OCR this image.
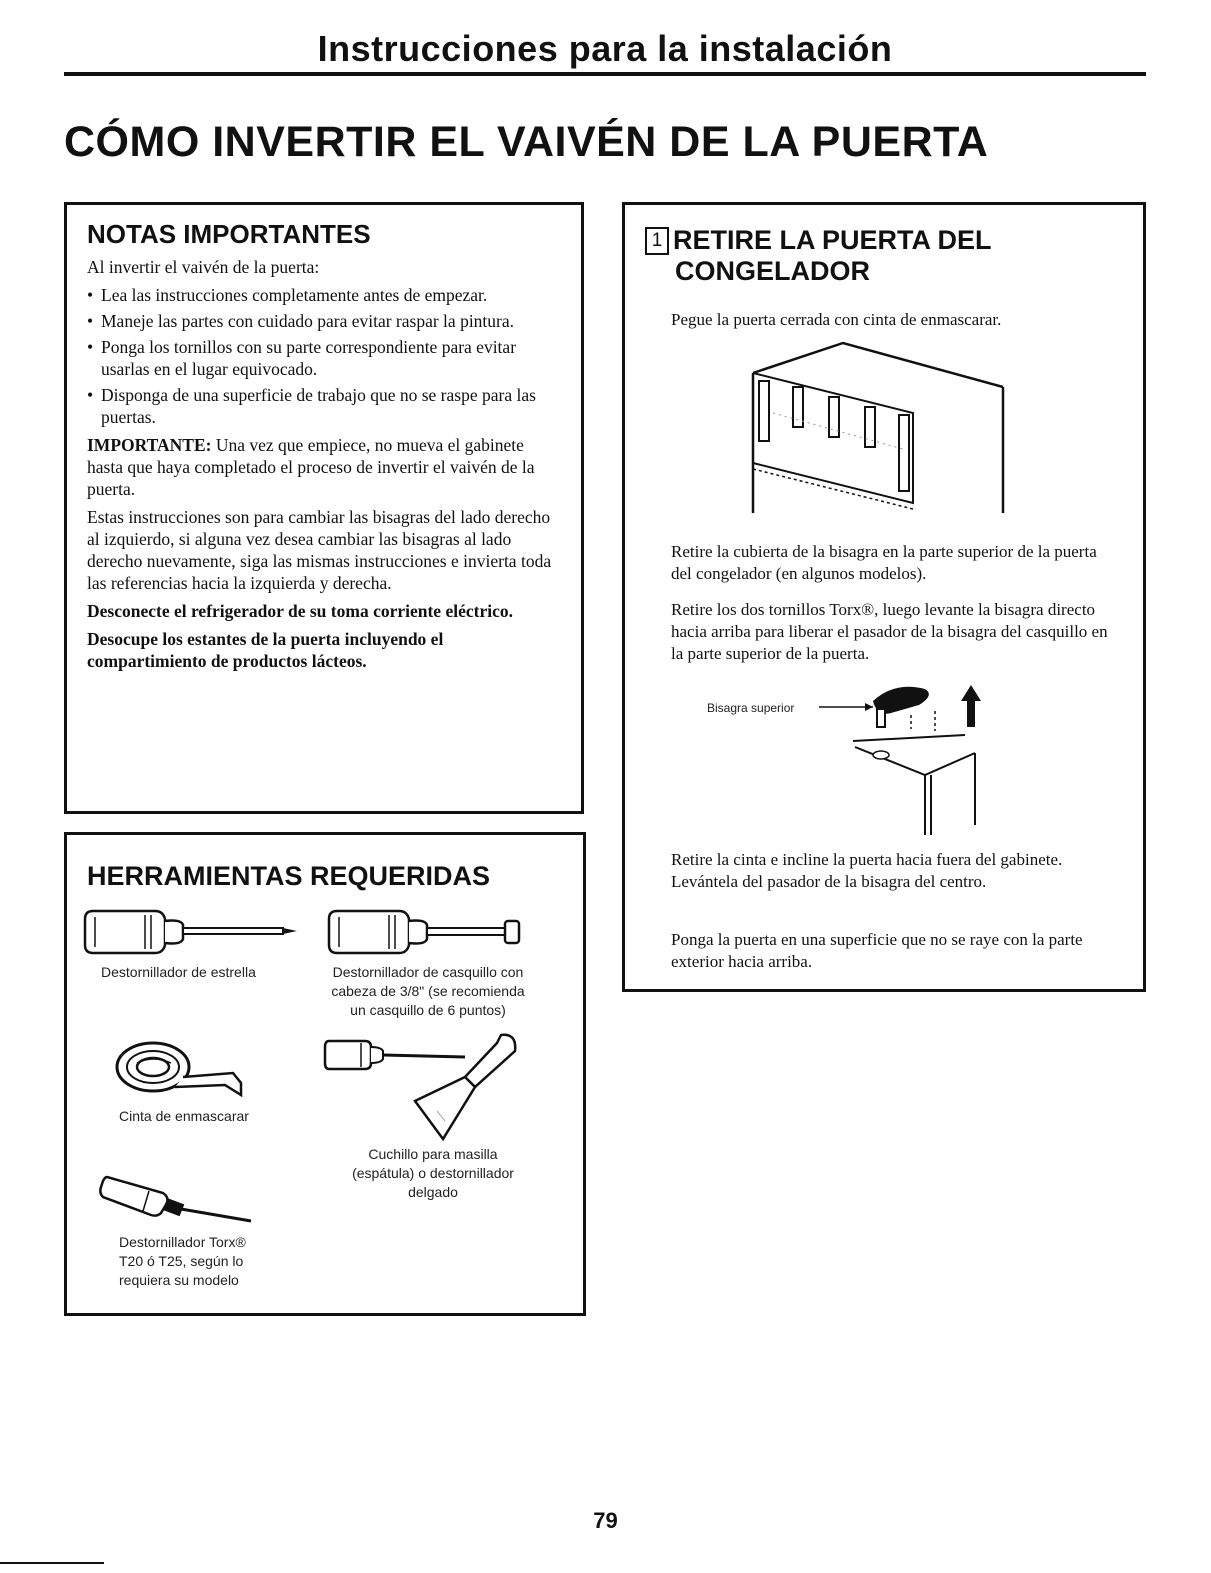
Instrucciones para la instalación
CÓMO INVERTIR EL VAIVÉN DE LA PUERTA
NOTAS IMPORTANTES

Al invertir el vaivén de la puerta:

• Lea las instrucciones completamente antes de empezar.
• Maneje las partes con cuidado para evitar raspar la pintura.
• Ponga los tornillos con su parte correspondiente para evitar usarlas en el lugar equivocado.
• Disponga de una superficie de trabajo que no se raspe para las puertas.

IMPORTANTE: Una vez que empiece, no mueva el gabinete hasta que haya completado el proceso de invertir el vaivén de la puerta.

Estas instrucciones son para cambiar las bisagras del lado derecho al izquierdo, si alguna vez desea cambiar las bisagras al lado derecho nuevamente, siga las mismas instrucciones e invierta toda las referencias hacia la izquierda y derecha.

Desconecte el refrigerador de su toma corriente eléctrico.

Desocupe los estantes de la puerta incluyendo el compartimiento de productos lácteos.

HERRAMIENTAS REQUERIDAS
Destornillador de estrella	Destornillador de casquillo con
cabeza de 3/8" (se recomienda
un casquillo de 6 puntos)
Cinta de enmascarar
Cuchillo para masilla
(espátula) o destornillador
delgado
Destornillador Torx®
T20 ó T25, según lo
requiera su modelo
1 RETIRE LA PUERTA DEL
CONGELADOR
Pegue la puerta cerrada con cinta de enmascarar.
Retire la cubierta de la bisagra en la parte superior de la puerta del congelador (en algunos modelos).
Retire los dos tornillos Torx®, luego levante la bisagra directo hacia arriba para liberar el pasador de la bisagra del casquillo en la parte superior de la puerta.
Bisagra superior
Retire la cinta e incline la puerta hacia fuera del gabinete. Levántela del pasador de la bisagra del centro.
Ponga la puerta en una superficie que no se raye con la parte exterior hacia arriba.
79
